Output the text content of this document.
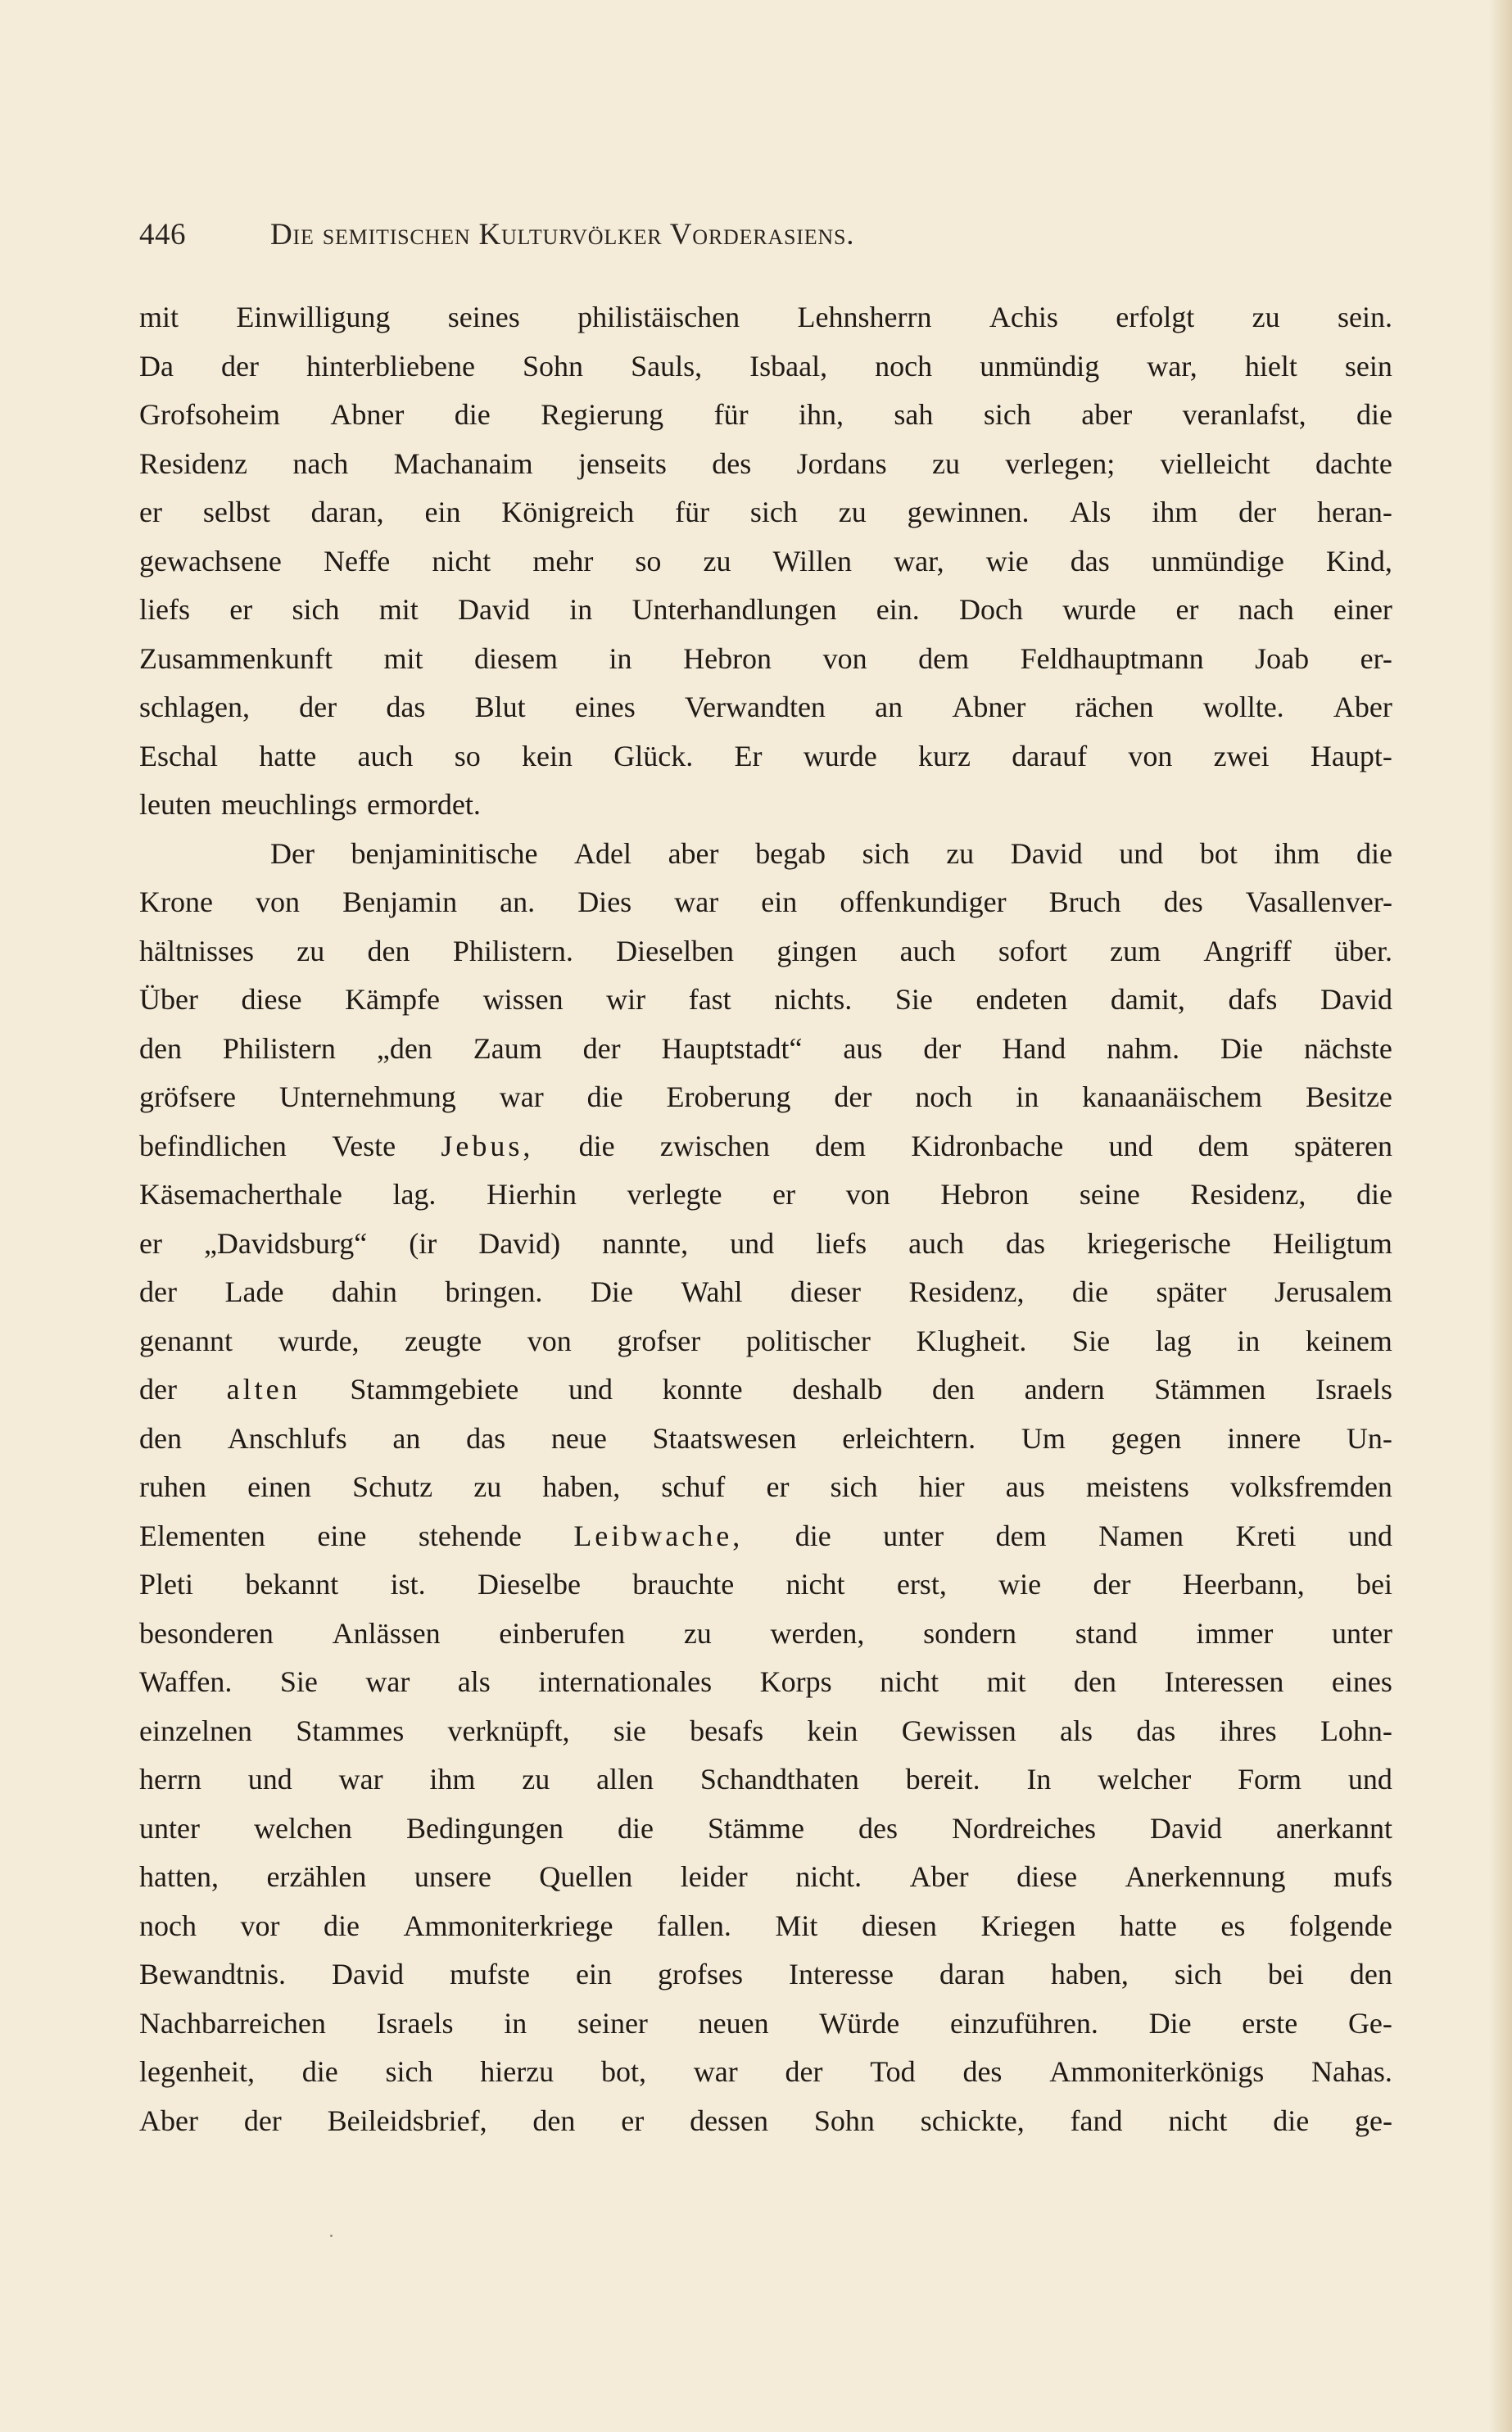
446	Die semitischen Kulturvölker Vorderasiens.
mit Einwilligung seines philistäischen Lehnsherrn Achis erfolgt zu sein.
Da der hinterbliebene Sohn Sauls, Isbaal, noch unmündig war, hielt sein
Grofsoheim Abner die Regierung für ihn, sah sich aber veranlafst, die
Residenz nach Machanaim jenseits des Jordans zu verlegen; vielleicht dachte
er selbst daran, ein Königreich für sich zu gewinnen. Als ihm der heran-
gewachsene Neffe nicht mehr so zu Willen war, wie das unmündige Kind,
liefs er sich mit David in Unterhandlungen ein. Doch wurde er nach einer
Zusammenkunft mit diesem in Hebron von dem Feldhauptmann Joab er-
schlagen, der das Blut eines Verwandten an Abner rächen wollte. Aber
Eschal hatte auch so kein Glück. Er wurde kurz darauf von zwei Haupt-
leuten meuchlings ermordet.
Der benjaminitische Adel aber begab sich zu David und bot ihm die
Krone von Benjamin an. Dies war ein offenkundiger Bruch des Vasallenver-
hältnisses zu den Philistern. Dieselben gingen auch sofort zum Angriff über.
Über diese Kämpfe wissen wir fast nichts. Sie endeten damit, dafs David
den Philistern „den Zaum der Hauptstadt“ aus der Hand nahm. Die nächste
gröfsere Unternehmung war die Eroberung der noch in kanaanäischem Besitze
befindlichen Veste Jebus, die zwischen dem Kidronbache und dem späteren
Käsemacherthale lag. Hierhin verlegte er von Hebron seine Residenz, die
er „Davidsburg“ (ir David) nannte, und liefs auch das kriegerische Heiligtum
der Lade dahin bringen. Die Wahl dieser Residenz, die später Jerusalem
genannt wurde, zeugte von grofser politischer Klugheit. Sie lag in keinem
der alten Stammgebiete und konnte deshalb den andern Stämmen Israels
den Anschlufs an das neue Staatswesen erleichtern. Um gegen innere Un-
ruhen einen Schutz zu haben, schuf er sich hier aus meistens volksfremden
Elementen eine stehende Leibwache, die unter dem Namen Kreti und
Pleti bekannt ist. Dieselbe brauchte nicht erst, wie der Heerbann, bei
besonderen Anlässen einberufen zu werden, sondern stand immer unter
Waffen. Sie war als internationales Korps nicht mit den Interessen eines
einzelnen Stammes verknüpft, sie besafs kein Gewissen als das ihres Lohn-
herrn und war ihm zu allen Schandthaten bereit. In welcher Form und
unter welchen Bedingungen die Stämme des Nordreiches David anerkannt
hatten, erzählen unsere Quellen leider nicht. Aber diese Anerkennung mufs
noch vor die Ammoniterkriege fallen. Mit diesen Kriegen hatte es folgende
Bewandtnis. David mufste ein grofses Interesse daran haben, sich bei den
Nachbarreichen Israels in seiner neuen Würde einzuführen. Die erste Ge-
legenheit, die sich hierzu bot, war der Tod des Ammoniterkönigs Nahas.
Aber der Beileidsbrief, den er dessen Sohn schickte, fand nicht die ge-
